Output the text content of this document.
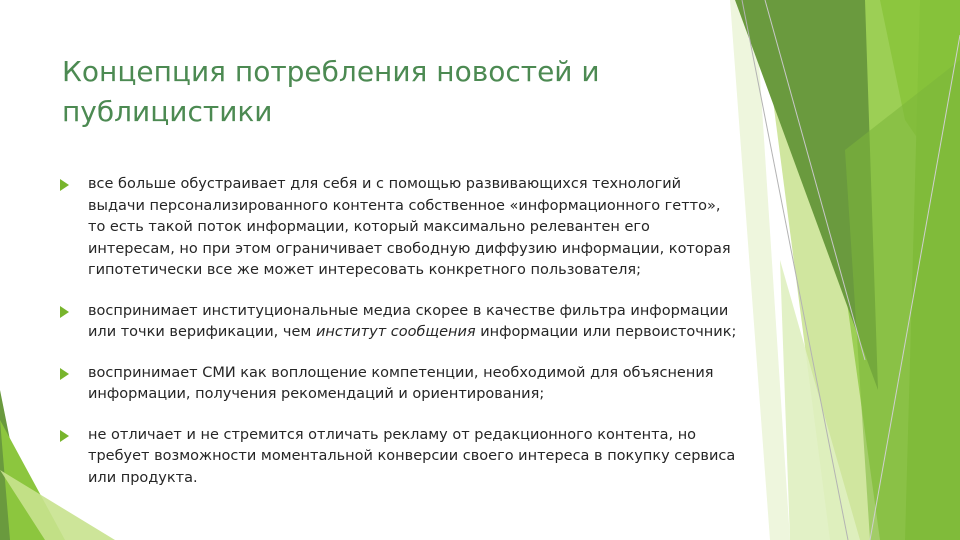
Концепция потребления новостей и
публицистики
все больше обустраивает для себя и с помощью развивающихся технологий выдачи персонализированного контента собственное «информационного гетто», то есть такой поток информации, который максимально релевантен его интересам, но при этом ограничивает свободную диффузию информации, которая гипотетически все же может интересовать конкретного пользователя;
воспринимает институциональные медиа скорее в качестве фильтра информации или точки верификации, чем институт сообщения информации или первоисточник;
воспринимает СМИ как воплощение компетенции, необходимой для объяснения информации, получения рекомендаций и ориентирования;
не отличает и не стремится отличать рекламу от редакционного контента, но требует возможности моментальной конверсии своего интереса в покупку сервиса или продукта.
